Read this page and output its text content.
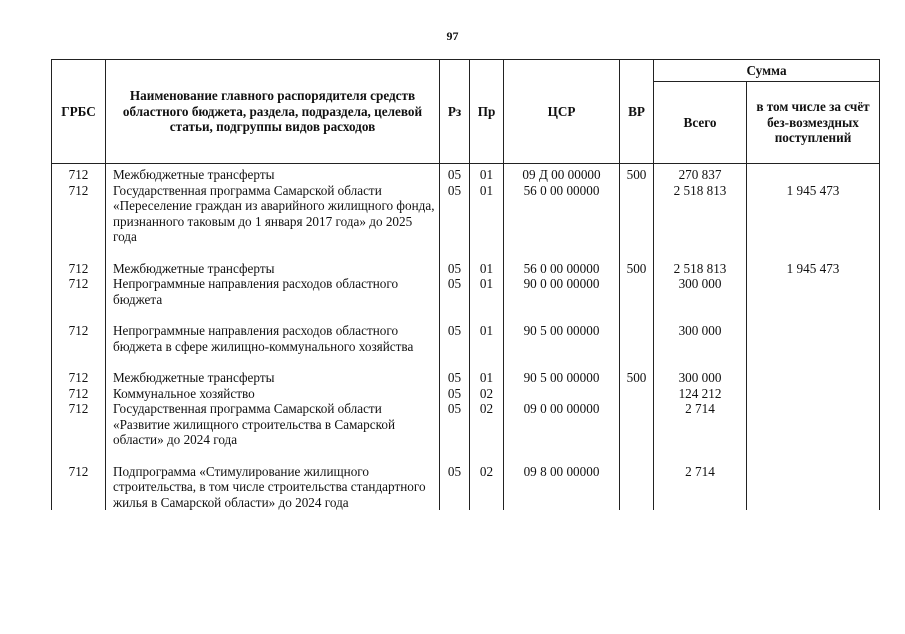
97
ГРБС	Наименование главного распорядителя средств областного бюджета, раздела, подраздела, целевой статьи, подгруппы видов расходов	Рз	Пр	ЦСР	ВР	Сумма	
						Всего	в том числе за счёт без-возмездных поступлений
712	Межбюджетные трансферты	05	01	09 Д 00 00000	500	270 837	
712	Государственная программа Самарской области «Переселение граждан из аварийного жилищного фонда, признанного таковым до 1 января 2017 года» до 2025 года	05	01	56 0 00 00000		2 518 813	1 945 473
712	Межбюджетные трансферты	05	01	56 0 00 00000	500	2 518 813	1 945 473
712	Непрограммные направления расходов областного бюджета	05	01	90 0 00 00000		300 000	
712	Непрограммные направления расходов областного бюджета в сфере жилищно-коммунального хозяйства	05	01	90 5 00 00000		300 000	
712	Межбюджетные трансферты	05	01	90 5 00 00000	500	300 000	
712	Коммунальное хозяйство	05	02			124 212	
712	Государственная программа Самарской области «Развитие жилищного строительства в Самарской области» до 2024 года	05	02	09 0 00 00000		2 714	
712	Подпрограмма «Стимулирование жилищного строительства, в том числе строительства стандартного жилья в Самарской области» до 2024 года	05	02	09 8 00 00000		2 714	
